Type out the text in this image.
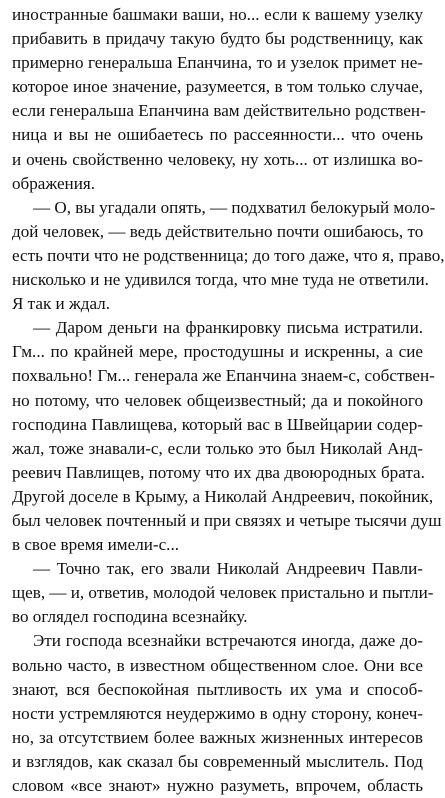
иностранные башмаки ваши, но... если к вашему узелку
прибавить в придачу такую будто бы родственницу, как
примерно генеральша Епанчина, то и узелок примет не-
которое иное значение, разумеется, в том только случае,
если генеральша Епанчина вам действительно родствен-
ница и вы не ошибаетесь по рассеянности... что очень
и очень свойственно человеку, ну хоть... от излишка во-
ображения.
— О, вы угадали опять, — подхватил белокурый моло-
дой человек, — ведь действительно почти ошибаюсь, то
есть почти что не родственница; до того даже, что я, право,
нисколько и не удивился тогда, что мне туда не ответили.
Я так и ждал.
— Даром деньги на франкировку письма истратили.
Гм... по крайней мере, простодушны и искренны, а сие
похвально! Гм... генерала же Епанчина знаем-с, собствен-
но потому, что человек общеизвестный; да и покойного
господина Павлищева, который вас в Швейцарии содер-
жал, тоже знавали-с, если только это был Николай Анд-
реевич Павлищев, потому что их два двоюродных брата.
Другой доселе в Крыму, а Николай Андреевич, покойник,
был человек почтенный и при связях и четыре тысячи душ
в свое время имели-с...
— Точно так, его звали Николай Андреевич Павли-
щев, — и, ответив, молодой человек пристально и пытли-
во оглядел господина всезнайку.
Эти господа всезнайки встречаются иногда, даже до-
вольно часто, в известном общественном слое. Они все
знают, вся беспокойная пытливость их ума и способ-
ности устремляются неудержимо в одну сторону, конеч-
но, за отсутствием более важных жизненных интересов
и взглядов, как сказал бы современный мыслитель. Под
словом «все знают» нужно разуметь, впрочем, область
